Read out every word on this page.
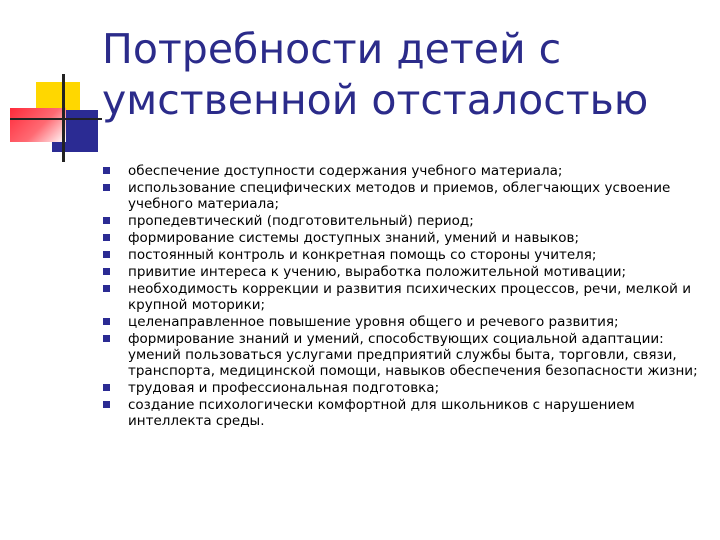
Потребности детей с
умственной отсталостью
обеспечение доступности содержания учебного материала;
использование специфических методов и приемов, облегчающих усвоение учебного материала;
пропедевтический (подготовительный) период;
формирование системы доступных знаний, умений и навыков;
постоянный контроль и конкретная помощь со стороны учителя;
привитие интереса к учению, выработка положительной мотивации;
необходимость коррекции и развития психических процессов, речи, мелкой и крупной моторики;
целенаправленное повышение уровня общего и речевого развития;
формирование знаний и умений, способствующих социальной адаптации: умений пользоваться услугами предприятий службы быта, торговли, связи, транспорта, медицинской помощи, навыков обеспечения безопасности жизни;
трудовая и профессиональная подготовка;
создание психологически комфортной для школьников с нарушением интеллекта среды.
